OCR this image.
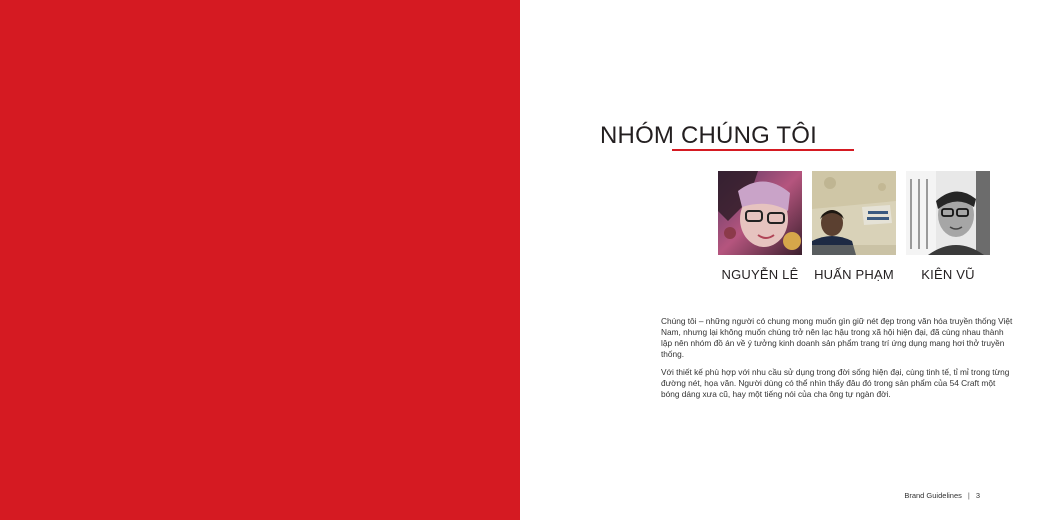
NHÓM CHÚNG TÔI
NGUYỄN LÊ HUẤN PHẠM KIÊN VŨ

Chúng tôi – những người có chung mong muốn gìn giữ nét đẹp trong văn hóa truyền thống Việt Nam, nhưng lại không muốn chúng trở nên lạc hậu trong xã hội hiện đại, đã cùng nhau thành lập nên nhóm đồ án về ý tưởng kinh doanh sản phẩm trang trí ứng dụng mang hơi thở truyền thống.

Với thiết kế phù hợp với nhu cầu sử dụng trong đời sống hiện đại, cùng tinh tế, tỉ mỉ trong từng đường nét, họa văn. Người dùng có thể nhìn thấy đâu đó trong sản phẩm của 54 Craft một bóng dáng xưa cũ, hay một tiếng nói của cha ông tự ngàn đời.

Brand Guidelines | 3
